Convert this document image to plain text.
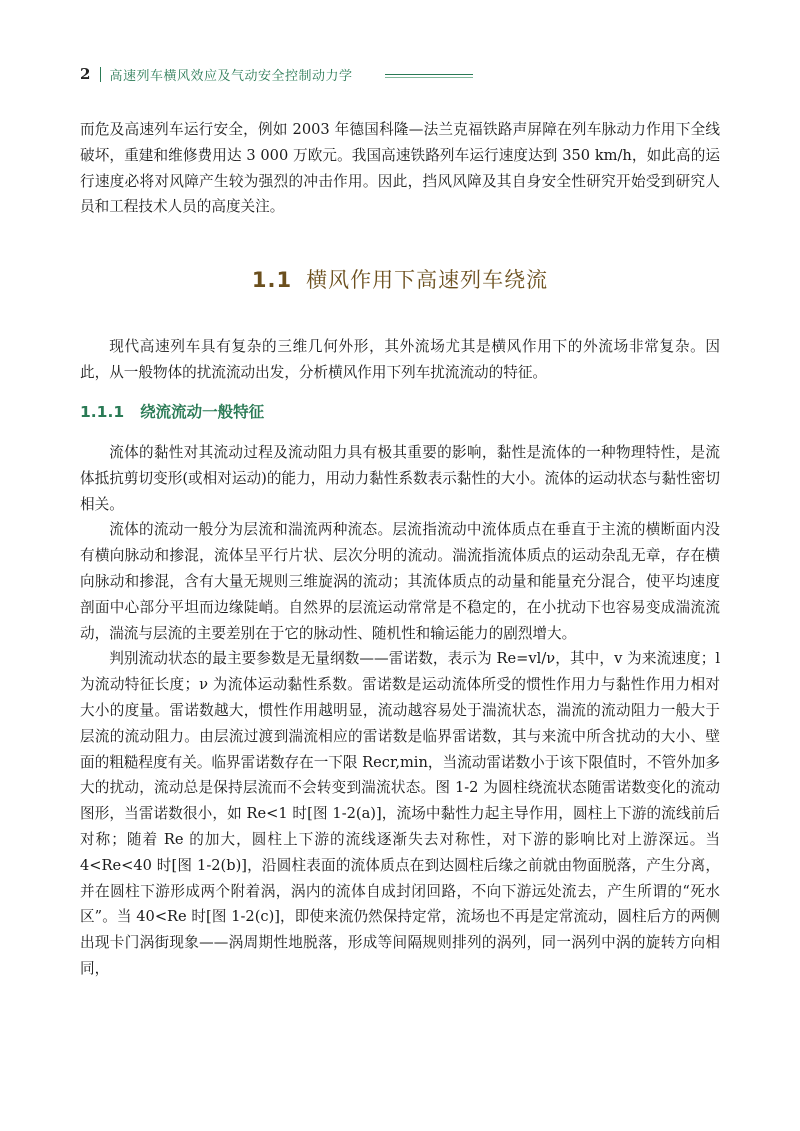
2 高速列车横风效应及气动安全控制动力学

而危及高速列车运行安全，例如 2003 年德国科隆—法兰克福铁路声屏障在列车脉动力作用下全线破坏，重建和维修费用达 3 000 万欧元。我国高速铁路列车运行速度达到 350 km/h，如此高的运行速度必将对风障产生较为强烈的冲击作用。因此，挡风风障及其自身安全性研究开始受到研究人员和工程技术人员的高度关注。

1.1 横风作用下高速列车绕流

现代高速列车具有复杂的三维几何外形，其外流场尤其是横风作用下的外流场非常复杂。因此，从一般物体的扰流流动出发，分析横风作用下列车扰流流动的特征。

1.1.1 绕流流动一般特征

流体的黏性对其流动过程及流动阻力具有极其重要的影响，黏性是流体的一种物理特性，是流体抵抗剪切变形(或相对运动)的能力，用动力黏性系数表示黏性的大小。流体的运动状态与黏性密切相关。

流体的流动一般分为层流和湍流两种流态。层流指流动中流体质点在垂直于主流的横断面内没有横向脉动和掺混，流体呈平行片状、层次分明的流动。湍流指流体质点的运动杂乱无章，存在横向脉动和掺混，含有大量无规则三维旋涡的流动；其流体质点的动量和能量充分混合，使平均速度剖面中心部分平坦而边缘陡峭。自然界的层流运动常常是不稳定的，在小扰动下也容易变成湍流流动，湍流与层流的主要差别在于它的脉动性、随机性和输运能力的剧烈增大。

判别流动状态的最主要参数是无量纲数——雷诺数，表示为 Re=vl/ν，其中，v 为来流速度；l 为流动特征长度；ν 为流体运动黏性系数。雷诺数是运动流体所受的惯性作用力与黏性作用力相对大小的度量。雷诺数越大，惯性作用越明显，流动越容易处于湍流状态，湍流的流动阻力一般大于层流的流动阻力。由层流过渡到湍流相应的雷诺数是临界雷诺数，其与来流中所含扰动的大小、壁面的粗糙程度有关。临界雷诺数存在一下限 Recr,min，当流动雷诺数小于该下限值时，不管外加多大的扰动，流动总是保持层流而不会转变到湍流状态。图 1-2 为圆柱绕流状态随雷诺数变化的流动图形，当雷诺数很小，如 Re<1 时[图 1-2(a)]，流场中黏性力起主导作用，圆柱上下游的流线前后对称；随着 Re 的加大，圆柱上下游的流线逐渐失去对称性，对下游的影响比对上游深远。当 4<Re<40 时[图 1-2(b)]，沿圆柱表面的流体质点在到达圆柱后缘之前就由物面脱落，产生分离，并在圆柱下游形成两个附着涡，涡内的流体自成封闭回路，不向下游远处流去，产生所谓的“死水区”。当 40<Re 时[图 1-2(c)]，即使来流仍然保持定常，流场也不再是定常流动，圆柱后方的两侧出现卡门涡街现象——涡周期性地脱落，形成等间隔规则排列的涡列，同一涡列中涡的旋转方向相同，
